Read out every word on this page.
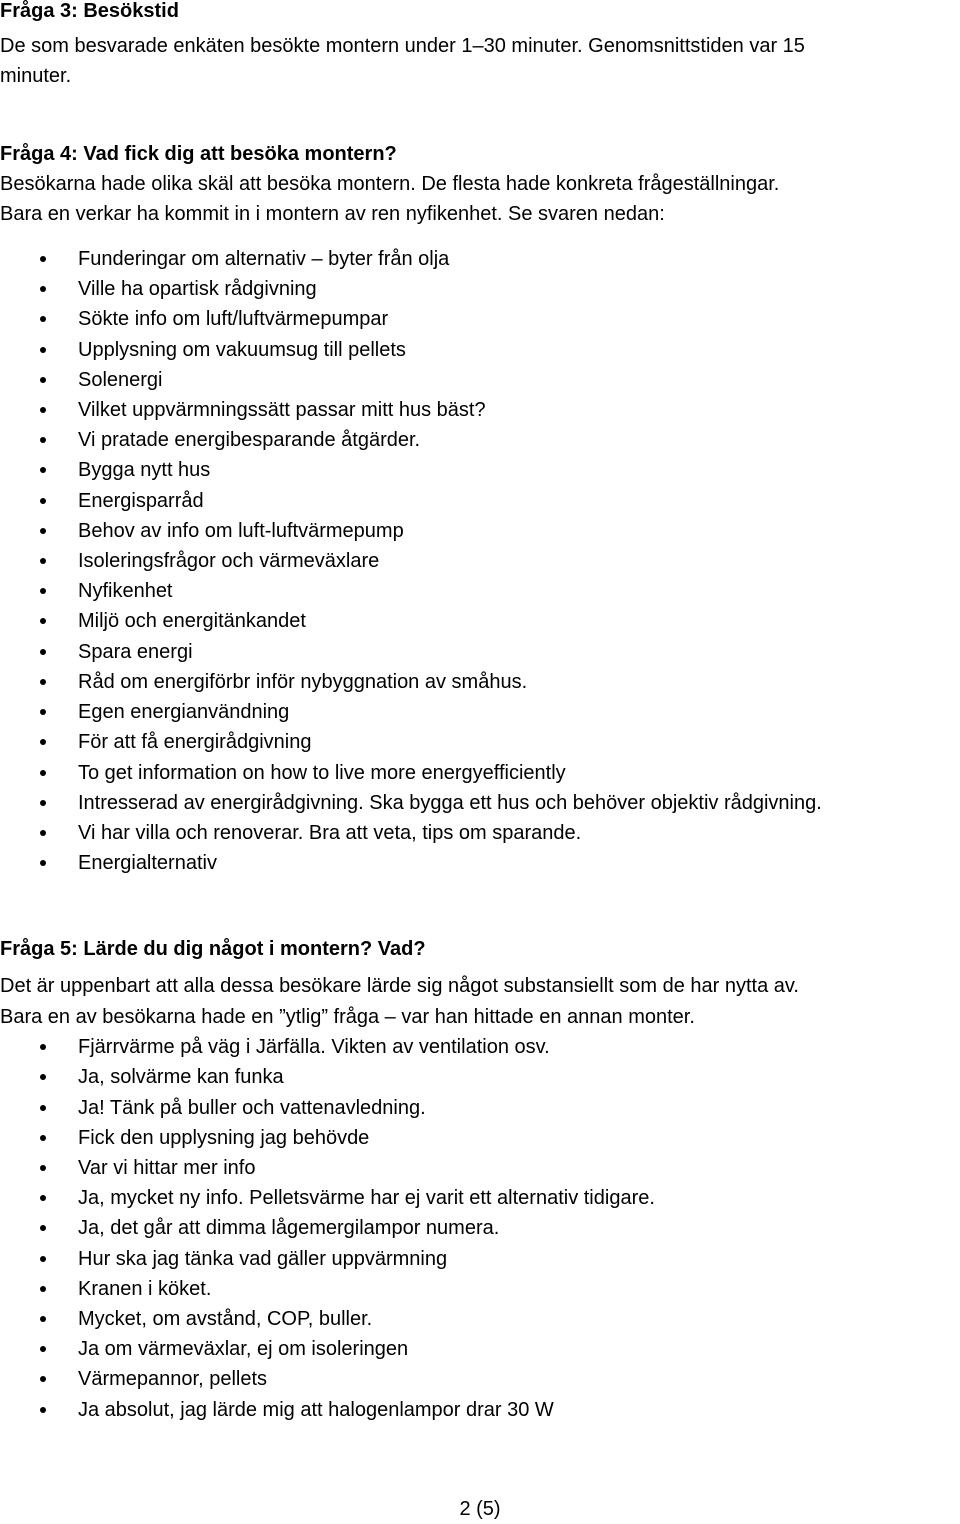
Fråga 3: Besökstid

De som besvarade enkäten besökte montern under 1–30 minuter. Genomsnittstiden var 15

minuter.

Fråga 4: Vad fick dig att besöka montern?

Besökarna hade olika skäl att besöka montern. De flesta hade konkreta frågeställningar.

Bara en verkar ha kommit in i montern av ren nyfikenhet. Se svaren nedan:

Funderingar om alternativ – byter från olja

Ville ha opartisk rådgivning

Sökte info om luft/luftvärmepumpar

Upplysning om vakuumsug till pellets

Solenergi

Vilket uppvärmningssätt passar mitt hus bäst?

Vi pratade energibesparande åtgärder.

Bygga nytt hus

Energisparråd

Behov av info om luft-luftvärmepump

Isoleringsfrågor och värmeväxlare

Nyfikenhet

Miljö och energitänkandet

Spara energi

Råd om energiförbr inför nybyggnation av småhus.

Egen energianvändning

För att få energirådgivning

To get information on how to live more energyefficiently

Intresserad av energirådgivning. Ska bygga ett hus och behöver objektiv rådgivning.

Vi har villa och renoverar. Bra att veta, tips om sparande.

Energialternativ

Fråga 5: Lärde du dig något i montern? Vad?

Det är uppenbart att alla dessa besökare lärde sig något substansiellt som de har nytta av.

Bara en av besökarna hade en ”ytlig” fråga – var han hittade en annan monter.

Fjärrvärme på väg i Järfälla. Vikten av ventilation osv.

Ja, solvärme kan funka

Ja! Tänk på buller och vattenavledning.

Fick den upplysning jag behövde

Var vi hittar mer info

Ja, mycket ny info. Pelletsvärme har ej varit ett alternativ tidigare.

Ja, det går att dimma lågemergilampor numera.

Hur ska jag tänka vad gäller uppvärmning

Kranen i köket.

Mycket, om avstånd, COP, buller.

Ja om värmeväxlar, ej om isoleringen

Värmepannor, pellets

Ja absolut, jag lärde mig att halogenlampor drar 30 W

2 (5)
